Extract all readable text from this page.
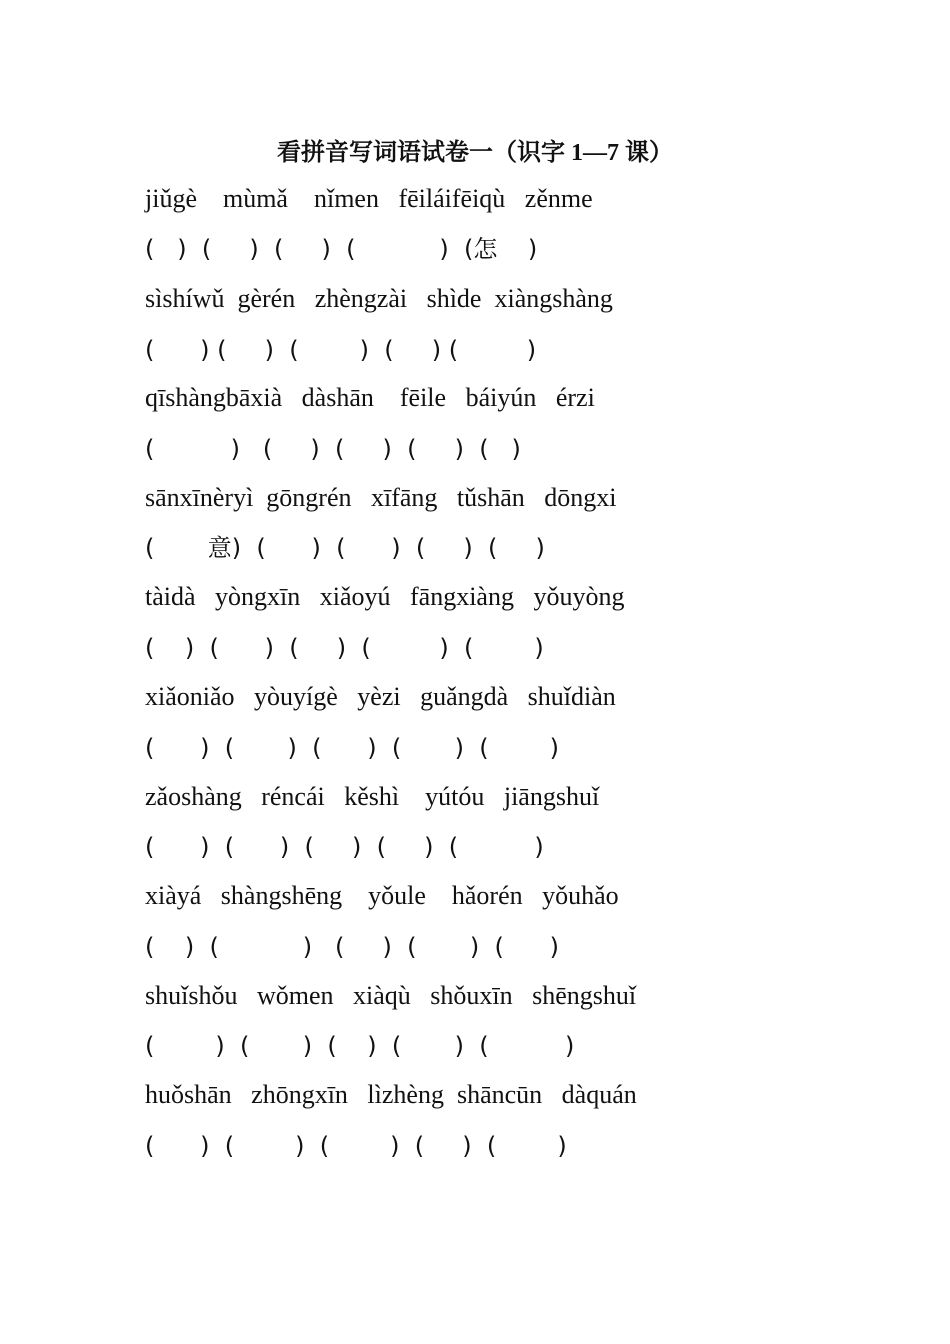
看拼音写词语试卷一（识字 1—7 课）
jiǔgè    mùmǎ    nǐmen   fēiláifēiqù   zěnme
(   )  (     )  (     )  (           )  (怎    )
sìshíwǔ  gèrén   zhèngzài   shìde  xiàngshàng
(      ) (     )  (        )  (     ) (         )
qīshàngbāxià   dàshān    fēile   báiyún   érzi
(          )   (     )  (     )  (     )  (   )
sānxīnèryì  gōngrén   xīfāng   tǔshān   dōngxi
(       意)  (      )  (      )  (     )  (     )
tàidà   yòngxīn   xiǎoyú   fāngxiàng   yǒuyòng
(    )  (      )  (     )  (         )  (        )
xiǎoniǎo   yòuyígè   yèzi   guǎngdà   shuǐdiàn
(      )  (       )  (      )  (       )  (        )
zǎoshàng   réncái   kěshì    yútóu   jiāngshuǐ
(      )  (      )  (     )  (     )  (          )
xiàyá   shàngshēng    yǒule    hǎorén   yǒuhǎo
(    )  (           )   (     )  (       )  (      )
shuǐshǒu   wǒmen   xiàqù   shǒuxīn   shēngshuǐ
(        )  (       )  (    )  (       )  (          )
huǒshān   zhōngxīn   lìzhèng  shāncūn   dàquán
(      )  (        )  (        )  (     )  (        )
